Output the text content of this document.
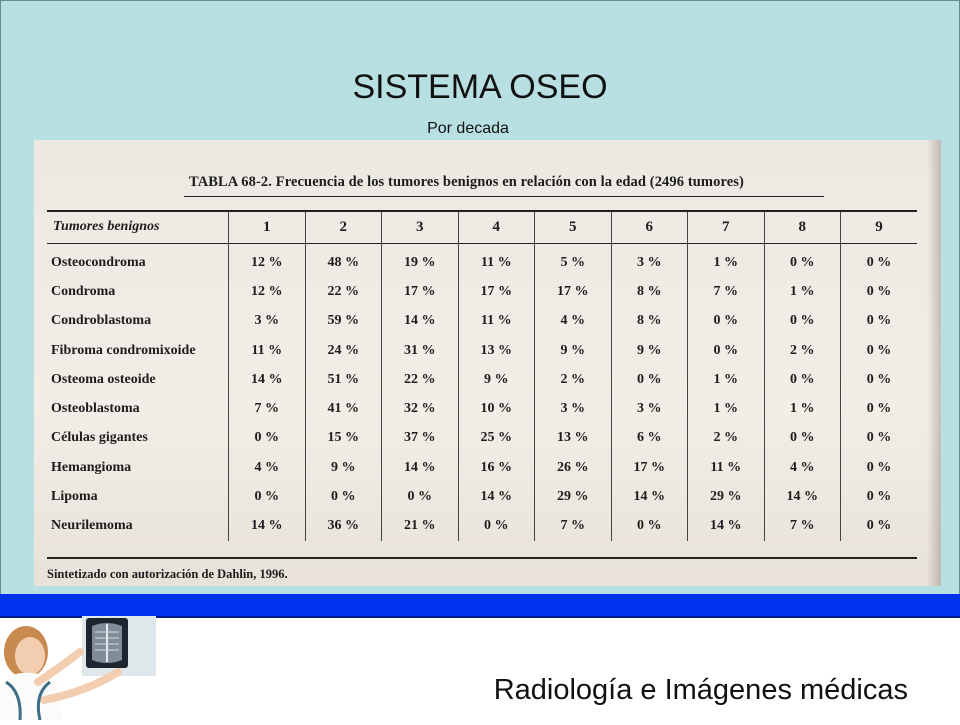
SISTEMA OSEO
Por decada
TABLA 68-2. Frecuencia de los tumores benignos en relación con la edad (2496 tumores)
Tumores benignos	1	2	3	4	5	6	7	8	9
Osteocondroma	12 %	48 %	19 %	11 %	5 %	3 %	1 %	0 %	0 %
Condroma	12 %	22 %	17 %	17 %	17 %	8 %	7 %	1 %	0 %
Condroblastoma	3 %	59 %	14 %	11 %	4 %	8 %	0 %	0 %	0 %
Fibroma condromixoide	11 %	24 %	31 %	13 %	9 %	9 %	0 %	2 %	0 %
Osteoma osteoide	14 %	51 %	22 %	9 %	2 %	0 %	1 %	0 %	0 %
Osteoblastoma	7 %	41 %	32 %	10 %	3 %	3 %	1 %	1 %	0 %
Células gigantes	0 %	15 %	37 %	25 %	13 %	6 %	2 %	0 %	0 %
Hemangioma	4 %	9 %	14 %	16 %	26 %	17 %	11 %	4 %	0 %
Lipoma	0 %	0 %	0 %	14 %	29 %	14 %	29 %	14 %	0 %
Neurilemoma	14 %	36 %	21 %	0 %	7 %	0 %	14 %	7 %	0 %
Sintetizado con autorización de Dahlin, 1996.
Radiología e Imágenes médicas
